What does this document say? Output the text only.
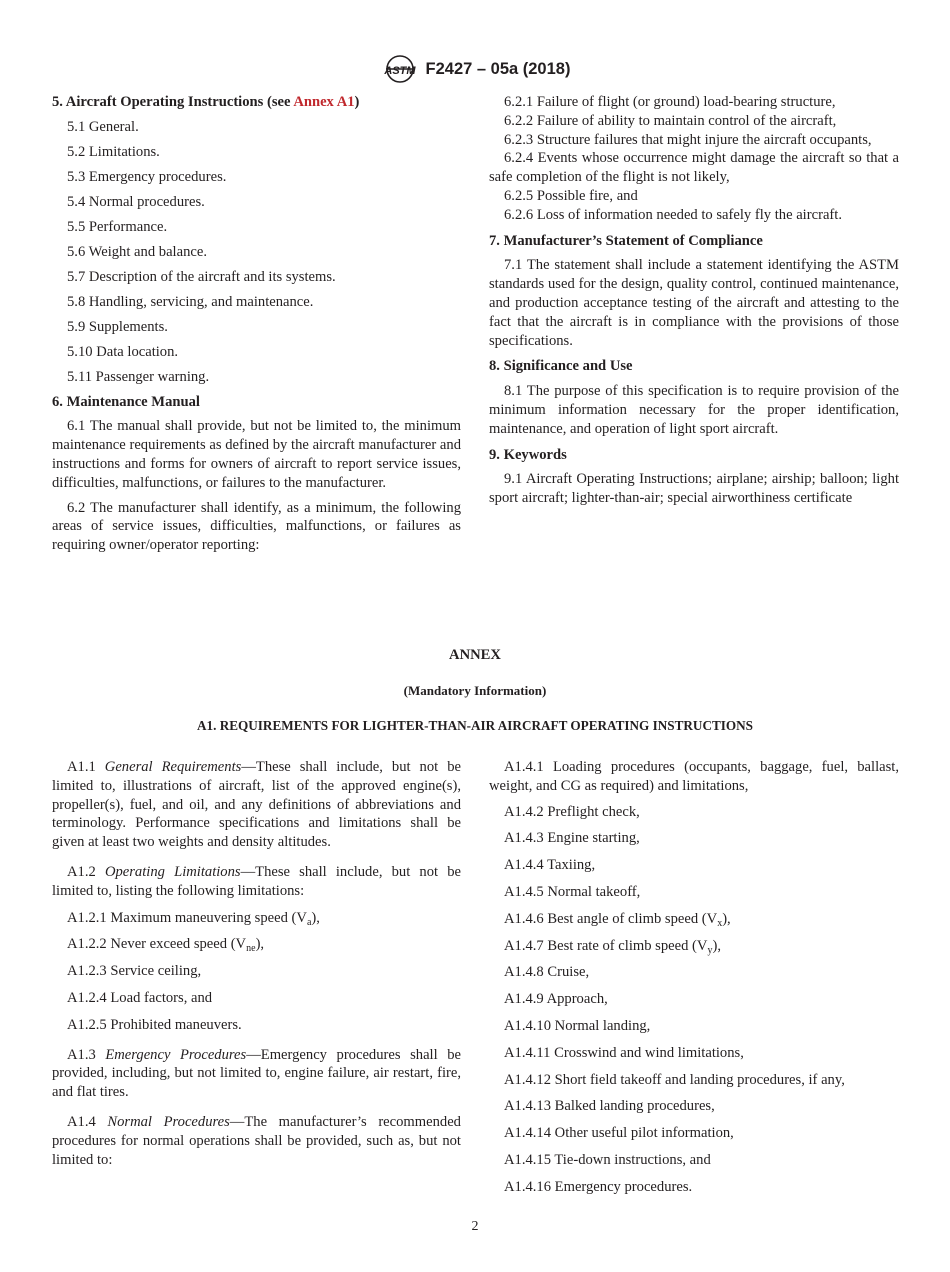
ASTM F2427 – 05a (2018)

5. Aircraft Operating Instructions (see Annex A1)

5.1 General.

5.2 Limitations.

5.3 Emergency procedures.

5.4 Normal procedures.

5.5 Performance.

5.6 Weight and balance.

5.7 Description of the aircraft and its systems.

5.8 Handling, servicing, and maintenance.

5.9 Supplements.

5.10 Data location.

5.11 Passenger warning.

6. Maintenance Manual

6.1 The manual shall provide, but not be limited to, the minimum maintenance requirements as defined by the aircraft manufacturer and instructions and forms for owners of aircraft to report service issues, difficulties, malfunctions, or failures to the manufacturer.

6.2 The manufacturer shall identify, as a minimum, the following areas of service issues, difficulties, malfunctions, or failures as requiring owner/operator reporting:

6.2.1 Failure of flight (or ground) load-bearing structure,

6.2.2 Failure of ability to maintain control of the aircraft,

6.2.3 Structure failures that might injure the aircraft occupants,

6.2.4 Events whose occurrence might damage the aircraft so that a safe completion of the flight is not likely,

6.2.5 Possible fire, and

6.2.6 Loss of information needed to safely fly the aircraft.

7. Manufacturer’s Statement of Compliance

7.1 The statement shall include a statement identifying the ASTM standards used for the design, quality control, continued maintenance, and production acceptance testing of the aircraft and attesting to the fact that the aircraft is in compliance with the provisions of those specifications.

8. Significance and Use

8.1 The purpose of this specification is to require provision of the minimum information necessary for the proper identification, maintenance, and operation of light sport aircraft.

9. Keywords

9.1 Aircraft Operating Instructions; airplane; airship; balloon; light sport aircraft; lighter-than-air; special airworthiness certificate

ANNEX
(Mandatory Information)
A1. REQUIREMENTS FOR LIGHTER-THAN-AIR AIRCRAFT OPERATING INSTRUCTIONS

A1.1 General Requirements—These shall include, but not be limited to, illustrations of aircraft, list of the approved engine(s), propeller(s), fuel, and oil, and any definitions of abbreviations and terminology. Performance specifications and limitations shall be given at least two weights and density altitudes.

A1.2 Operating Limitations—These shall include, but not be limited to, listing the following limitations:

A1.2.1 Maximum maneuvering speed $(V_a)$,

A1.2.2 Never exceed speed $(V_{ne})$,

A1.2.3 Service ceiling,

A1.2.4 Load factors, and

A1.2.5 Prohibited maneuvers.

A1.3 Emergency Procedures—Emergency procedures shall be provided, including, but not limited to, engine failure, air restart, fire, and flat tires.

A1.4 Normal Procedures—The manufacturer’s recommended procedures for normal operations shall be provided, such as, but not limited to:

A1.4.1 Loading procedures (occupants, baggage, fuel, ballast, weight, and CG as required) and limitations,

A1.4.2 Preflight check,

A1.4.3 Engine starting,

A1.4.4 Taxiing,

A1.4.5 Normal takeoff,

A1.4.6 Best angle of climb speed $(V_x)$,

A1.4.7 Best rate of climb speed $(V_y)$,

A1.4.8 Cruise,

A1.4.9 Approach,

A1.4.10 Normal landing,

A1.4.11 Crosswind and wind limitations,

A1.4.12 Short field takeoff and landing procedures, if any,

A1.4.13 Balked landing procedures,

A1.4.14 Other useful pilot information,

A1.4.15 Tie-down instructions, and

A1.4.16 Emergency procedures.

2
